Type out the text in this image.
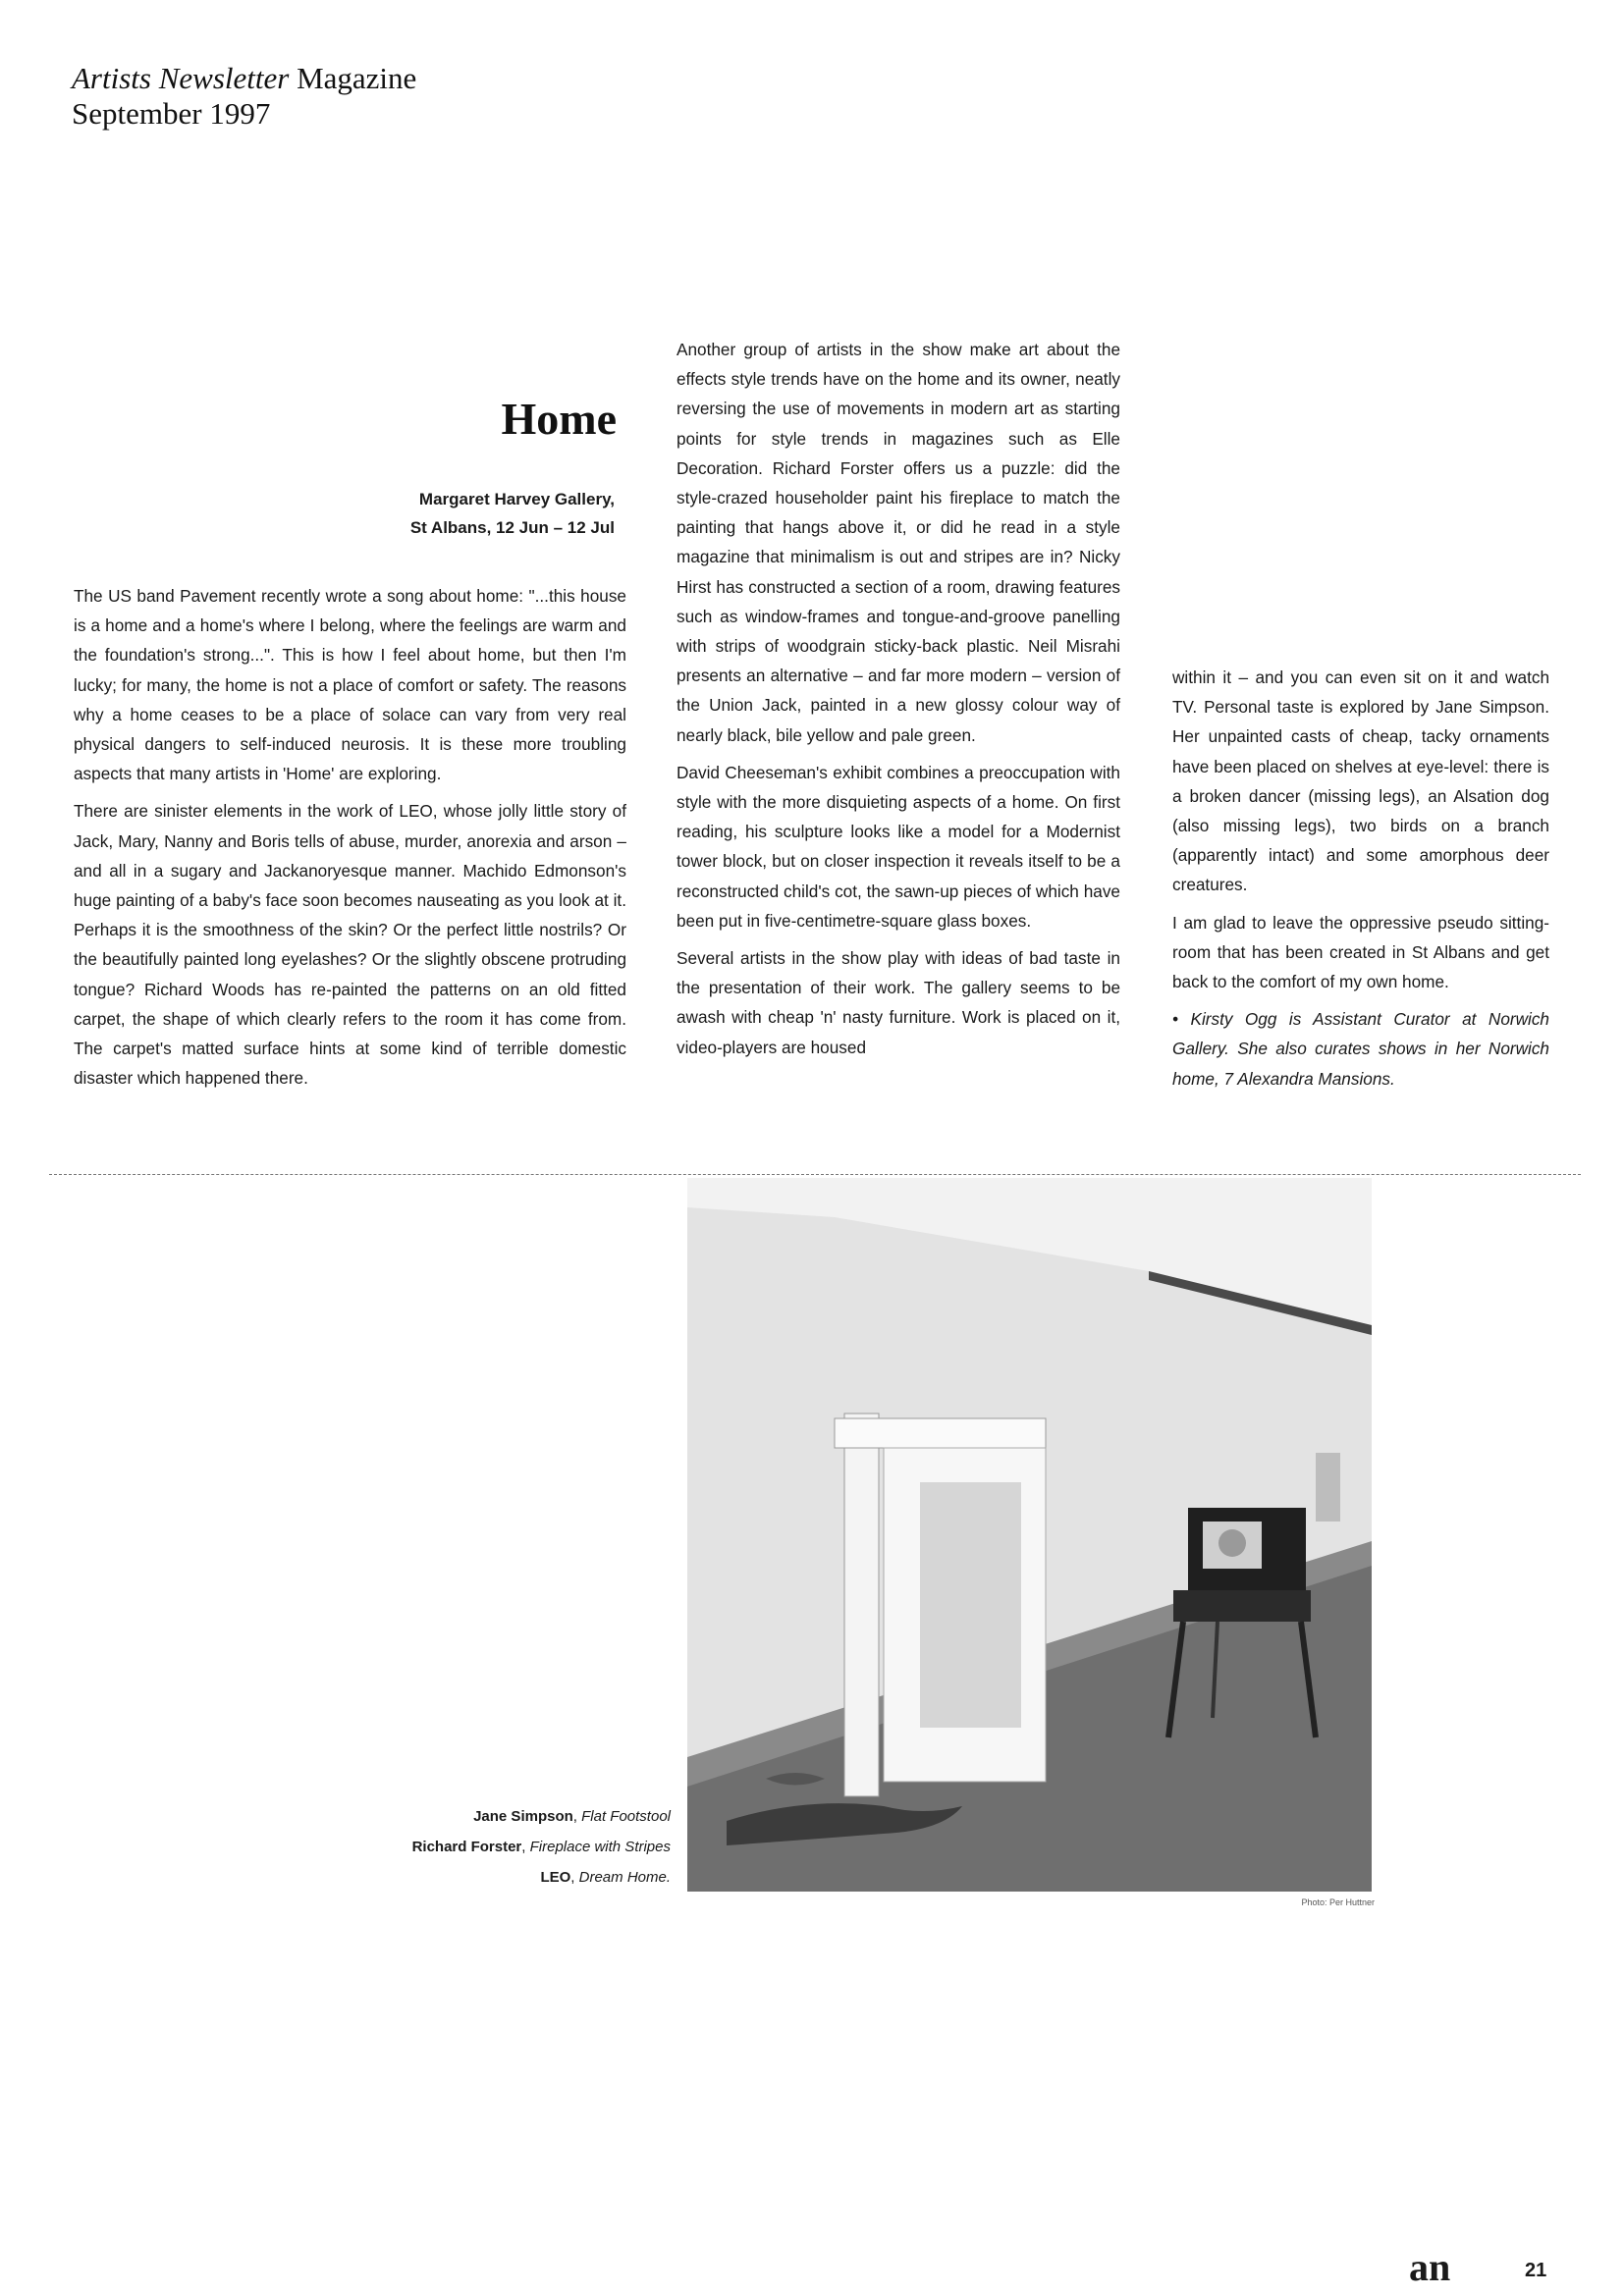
Artists Newsletter Magazine
September 1997
Home
Margaret Harvey Gallery,
St Albans, 12 Jun – 12 Jul

The US band Pavement recently wrote a song about home: "...this house is a home and a home's where I belong, where the feelings are warm and the foundation's strong...". This is how I feel about home, but then I'm lucky; for many, the home is not a place of comfort or safety. The reasons why a home ceases to be a place of solace can vary from very real physical dangers to self-induced neurosis. It is these more troubling aspects that many artists in 'Home' are exploring.

There are sinister elements in the work of LEO, whose jolly little story of Jack, Mary, Nanny and Boris tells of abuse, murder, anorexia and arson – and all in a sugary and Jackanoryesque manner. Machido Edmonson's huge painting of a baby's face soon becomes nauseating as you look at it. Perhaps it is the smoothness of the skin? Or the perfect little nostrils? Or the beautifully painted long eyelashes? Or the slightly obscene protruding tongue? Richard Woods has re-painted the patterns on an old fitted carpet, the shape of which clearly refers to the room it has come from. The carpet's matted surface hints at some kind of terrible domestic disaster which happened there.

Another group of artists in the show make art about the effects style trends have on the home and its owner, neatly reversing the use of movements in modern art as starting points for style trends in magazines such as Elle Decoration. Richard Forster offers us a puzzle: did the style-crazed householder paint his fireplace to match the painting that hangs above it, or did he read in a style magazine that minimalism is out and stripes are in? Nicky Hirst has constructed a section of a room, drawing features such as window-frames and tongue-and-groove panelling with strips of woodgrain sticky-back plastic. Neil Misrahi presents an alternative – and far more modern – version of the Union Jack, painted in a new glossy colour way of nearly black, bile yellow and pale green.

David Cheeseman's exhibit combines a preoccupation with style with the more disquieting aspects of a home. On first reading, his sculpture looks like a model for a Modernist tower block, but on closer inspection it reveals itself to be a reconstructed child's cot, the sawn-up pieces of which have been put in five-centimetre-square glass boxes.

Several artists in the show play with ideas of bad taste in the presentation of their work. The gallery seems to be awash with cheap 'n' nasty furniture. Work is placed on it, video-players are housed

within it – and you can even sit on it and watch TV. Personal taste is explored by Jane Simpson. Her unpainted casts of cheap, tacky ornaments have been placed on shelves at eye-level: there is a broken dancer (missing legs), an Alsation dog (also missing legs), two birds on a branch (apparently intact) and some amorphous deer creatures.

I am glad to leave the oppressive pseudo sitting-room that has been created in St Albans and get back to the comfort of my own home.

• Kirsty Ogg is Assistant Curator at Norwich Gallery. She also curates shows in her Norwich home, 7 Alexandra Mansions.

Jane Simpson, Flat Footstool
Richard Forster, Fireplace with Stripes
LEO, Dream Home.
Photo: Per Huttner
an	21
